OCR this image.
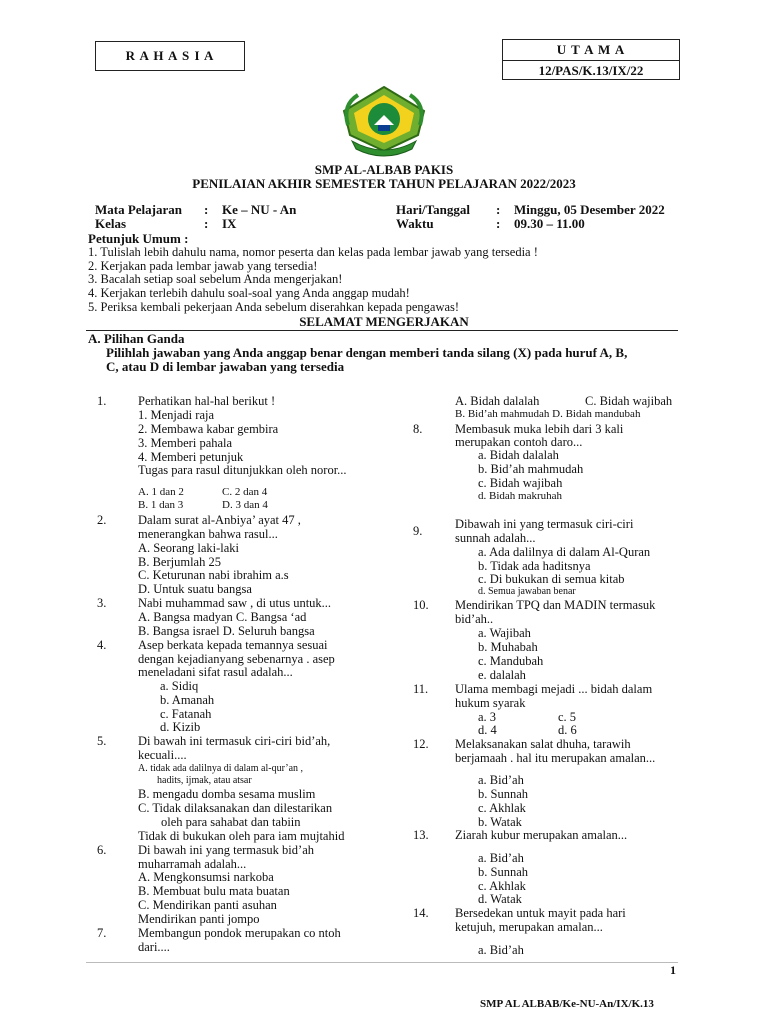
R A H A S I A	U T A M A
12/PAS/K.13/IX/22
SMP AL-ALBAB PAKIS
PENILAIAN AKHIR SEMESTER TAHUN PELAJARAN 2022/2023
Mata Pelajaran : Ke – NU - An
Kelas	: IX
Hari/Tanggal : Minggu, 05 Desember 2022
Waktu	: 09.30 – 11.00
Petunjuk Umum :
1. Tulislah lebih dahulu nama, nomor peserta dan kelas pada lembar jawab yang tersedia !
2. Kerjakan pada lembar jawab yang tersedia!
3. Bacalah setiap soal sebelum Anda mengerjakan!
4. Kerjakan terlebih dahulu soal-soal yang Anda anggap mudah!
5. Periksa kembali pekerjaan Anda sebelum diserahkan kepada pengawas!
SELAMAT MENGERJAKAN
A. Pilihan Ganda
Pilihlah jawaban yang Anda anggap benar dengan memberi tanda silang (X) pada huruf A, B,
C, atau D di lembar jawaban yang tersedia
1.	Perhatikan hal-hal berikut !
1. Menjadi raja
2. Membawa kabar gembira
3. Memberi pahala
4. Memberi petunjuk
Tugas para rasul ditunjukkan oleh noror...
A. 1 dan 2	C. 2 dan 4
B. 1 dan 3	D. 3 dan 4
2.	Dalam surat al-Anbiya’ ayat 47 ,
menerangkan bahwa rasul...
A. Seorang laki-laki
B. Berjumlah 25
C. Keturunan nabi ibrahim a.s
D. Untuk suatu bangsa
3.	Nabi muhammad saw , di utus untuk...
A. Bangsa madyan C. Bangsa ‘ad
B. Bangsa israel D. Seluruh bangsa
4.	Asep berkata kepada temannya sesuai
dengan kejadianyang sebenarnya . asep
meneladani sifat rasul adalah...
a. Sidiq
b. Amanah
c. Fatanah
d. Kizib
5.	Di bawah ini termasuk ciri-ciri bid’ah,
kecuali....
A. tidak ada dalilnya di dalam al-qur’an ,
hadits, ijmak, atau atsar
B. mengadu domba sesama muslim
C. Tidak dilaksanakan dan dilestarikan
oleh para sahabat dan tabiin
Tidak di bukukan oleh para iam mujtahid
6.	Di bawah ini yang termasuk bid’ah
muharramah adalah...
A. Mengkonsumsi narkoba
B. Membuat bulu mata buatan
C. Mendirikan panti asuhan
Mendirikan panti jompo
7.	Membangun pondok merupakan co ntoh
dari....
A. Bidah dalalah	C. Bidah wajibah
B. Bid’ah mahmudah D. Bidah mandubah
8.	Membasuk muka lebih dari 3 kali
merupakan contoh daro...
a. Bidah dalalah
b. Bid’ah mahmudah
c. Bidah wajibah
d. Bidah makruhah
9.	Dibawah ini yang termasuk ciri-ciri
sunnah adalah...
a. Ada dalilnya di dalam Al-Quran
b. Tidak ada haditsnya
c. Di bukukan di semua kitab
d. Semua jawaban benar
10.	Mendirikan TPQ dan MADIN termasuk
bid’ah..
a. Wajibah
b. Muhabah
c. Mandubah
e. dalalah
11.	Ulama membagi mejadi ... bidah dalam
hukum syarak
a. 3	c. 5
d. 4	d. 6
12.	Melaksanakan salat dhuha, tarawih
berjamaah . hal itu merupakan amalan...
a. Bid’ah
b. Sunnah
c. Akhlak
b. Watak
13.	Ziarah kubur merupakan amalan...
a. Bid’ah
b. Sunnah
c. Akhlak
d. Watak
14.	Bersedekan untuk mayit pada hari
ketujuh, merupakan amalan...
a. Bid’ah
1
SMP AL ALBAB/Ke-NU-An/IX/K.13
